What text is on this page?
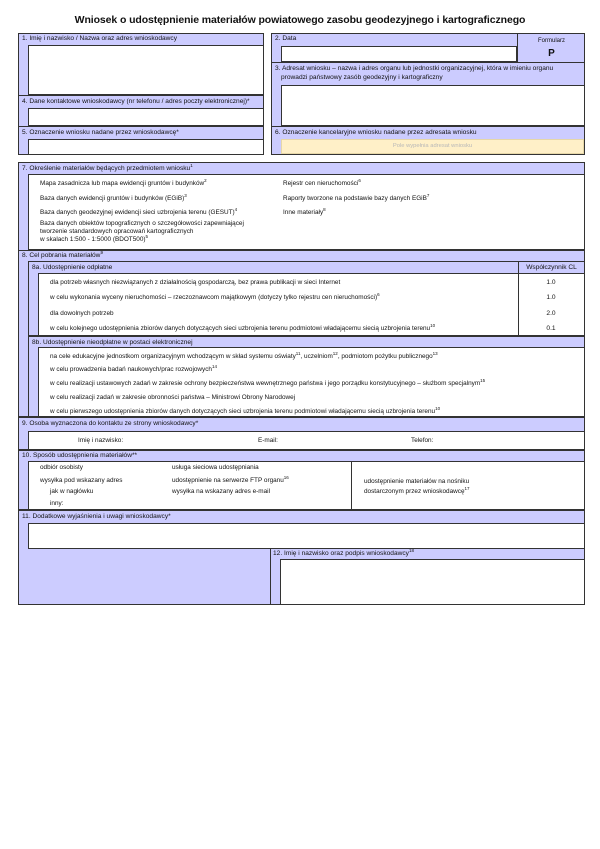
Wniosek o udostępnienie materiałów powiatowego zasobu geodezyjnego i kartograficznego
1. Imię i nazwisko / Nazwa oraz adres wnioskodawcy
4. Dane kontaktowe wnioskodawcy (nr telefonu / adres poczty elektronicznej)*
5. Oznaczenie wniosku nadane przez wnioskodawcę*
2. Data	Formularz
P
3. Adresat wniosku – nazwa i adres organu lub jednostki organizacyjnej, która w imieniu organu
prowadzi państwowy zasób geodezyjny i kartograficzny
6. Oznaczenie kancelaryjne wniosku nadane przez adresata wniosku
Pole wypełnia adresat wniosku
7. Określenie materiałów będących przedmiotem wniosku$^1$
Mapa zasadnicza lub mapa ewidencji gruntów i budynków$^2$
Baza danych ewidencji gruntów i budynków (EGiB)$^3$
Baza danych geodezyjnej ewidencji sieci uzbrojenia terenu (GESUT)$^4$
Baza danych obiektów topograficznych o szczegółowości zapewniającej
tworzenie standardowych opracowań kartograficznych
w skalach 1:500 - 1:5000 (BDOT500)$^5$
Rejestr cen nieruchomości$^6$
Raporty tworzone na podstawie bazy danych EGiB$^7$
Inne materiały$^8$
8. Cel pobrania materiałów$^9$
8a. Udostępnienie odpłatne	Współczynnik CL
dla potrzeb własnych niezwiązanych z działalnością gospodarczą, bez prawa publikacji w sieci Internet	1.0
w celu wykonania wyceny nieruchomości – rzeczoznawcom majątkowym (dotyczy tylko rejestru cen nieruchomości)$^6$	1.0
dla dowolnych potrzeb	2.0
w celu kolejnego udostępnienia zbiorów danych dotyczących sieci uzbrojenia terenu podmiotowi władającemu siecią uzbrojenia terenu$^{10}$	0.1
8b. Udostępnienie nieodpłatne w postaci elektronicznej
na cele edukacyjne jednostkom organizacyjnym wchodzącym w skład systemu oświaty$^{11}$, uczelniom$^{12}$, podmiotom pożytku publicznego$^{13}$
w celu prowadzenia badań naukowych/prac rozwojowych$^{14}$
w celu realizacji ustawowych zadań w zakresie ochrony bezpieczeństwa wewnętrznego państwa i jego porządku konstytucyjnego – służbom specjalnym$^{15}$
w celu realizacji zadań w zakresie obronności państwa – Ministrowi Obrony Narodowej
w celu pierwszego udostępnienia zbiorów danych dotyczących sieci uzbrojenia terenu podmiotowi władającemu siecią uzbrojenia terenu$^{10}$
9. Osoba wyznaczona do kontaktu ze strony wnioskodawcy*
Imię i nazwisko:	E-mail:	Telefon:
10. Sposób udostępnienia materiałów**
odbiór osobisty
wysyłka pod wskazany adres
jak w nagłówku
inny:
usługa sieciowa udostępniania
udostępnienie na serwerze FTP organu$^{16}$
wysyłka na wskazany adres e-mail
udostępnienie materiałów na nośniku
dostarczonym przez wnioskodawcę$^{17}$
11. Dodatkowe wyjaśnienia i uwagi wnioskodawcy*
12. Imię i nazwisko oraz podpis wnioskodawcy$^{18}$
